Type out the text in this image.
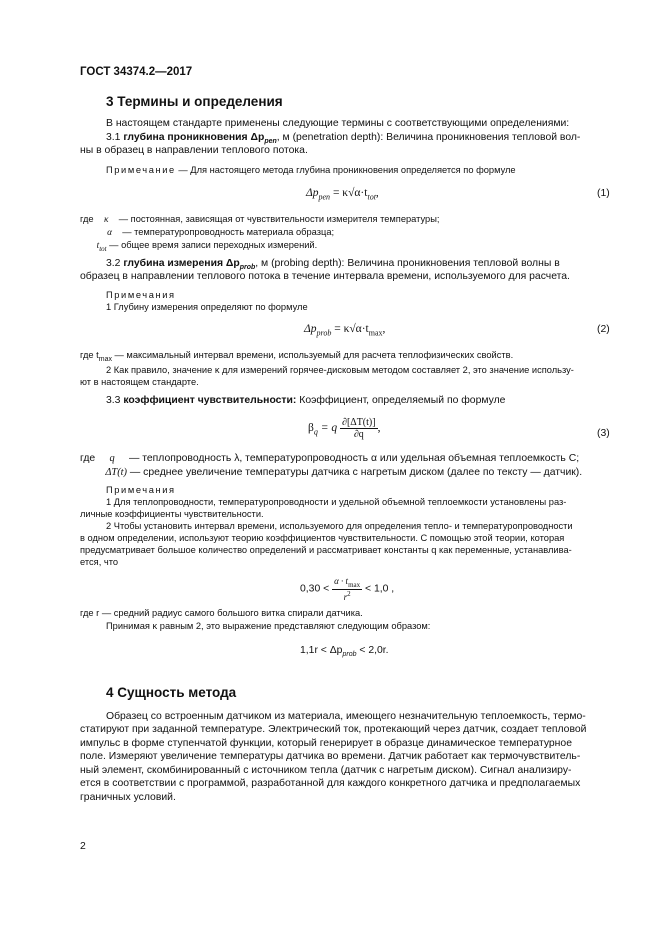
ГОСТ 34374.2—2017
3 Термины и определения
В настоящем стандарте применены следующие термины с соответствующими определениями:
3.1 глубина проникновения $\Delta p_{pen}$, м (penetration depth): Величина проникновения тепловой вол-
ны в образец в направлении теплового потока.
Примечание — Для настоящего метода глубина проникновения определяется по формуле
$\Delta p_{pen} = \kappa√\alpha\cdot t_{tot}$,	(1)
где κ — постоянная, зависящая от чувствительности измерителя температуры;
α — температуропроводность материала образца;
$t_{tot}$ — общее время записи переходных измерений.
3.2 глубина измерения $\Delta p_{prob}$, м (probing depth): Величина проникновения тепловой волны в
образец в направлении теплового потока в течение интервала времени, используемого для расчета.
Примечания
1 Глубину измерения определяют по формуле
$\Delta p_{prob} = \kappa√\alpha\cdot t_{max}$,	(2)
где $t_{max}$ — максимальный интервал времени, используемый для расчета теплофизических свойств.
2 Как правило, значение κ для измерений горячее-дисковым методом составляет 2, это значение использу-
ют в настоящем стандарте.
3.3 коэффициент чувствительности: Коэффициент, определяемый по формуле
$\beta_q = q \frac{\partial[\Delta T(t)]}{\partial q}$ ,	(3)
где q — теплопроводность λ, температуропроводность α или удельная объемная теплоемкость C;
ΔT(t) — среднее увеличение температуры датчика с нагретым диском (далее по тексту — датчик).
Примечания
1 Для теплопроводности, температуропроводности и удельной объемной теплоемкости установлены раз-
личные коэффициенты чувствительности.
2 Чтобы установить интервал времени, используемого для определения тепло- и температуропроводности
в одном определении, используют теорию коэффициентов чувствительности. С помощью этой теории, которая
предусматривает большое количество определений и рассматривает константы q как переменные, устанавлива-
ется, что
$0,30 < \frac{\alpha \cdot t_{max}}{r^2} < 1,0$ ,
где r — средний радиус самого большого витка спирали датчика.
Принимая κ равным 2, это выражение представляют следующим образом:
$1,1r < \Delta p_{prob} < 2,0r$.
4 Сущность метода
Образец со встроенным датчиком из материала, имеющего незначительную теплоемкость, термо-
статируют при заданной температуре. Электрический ток, протекающий через датчик, создает тепловой
импульс в форме ступенчатой функции, который генерирует в образце динамическое температурное
поле. Измеряют увеличение температуры датчика во времени. Датчик работает как термочувствитель-
ный элемент, скомбинированный с источником тепла (датчик с нагретым диском). Сигнал анализиру-
ется в соответствии с программой, разработанной для каждого конкретного датчика и предполагаемых
граничных условий.
2
